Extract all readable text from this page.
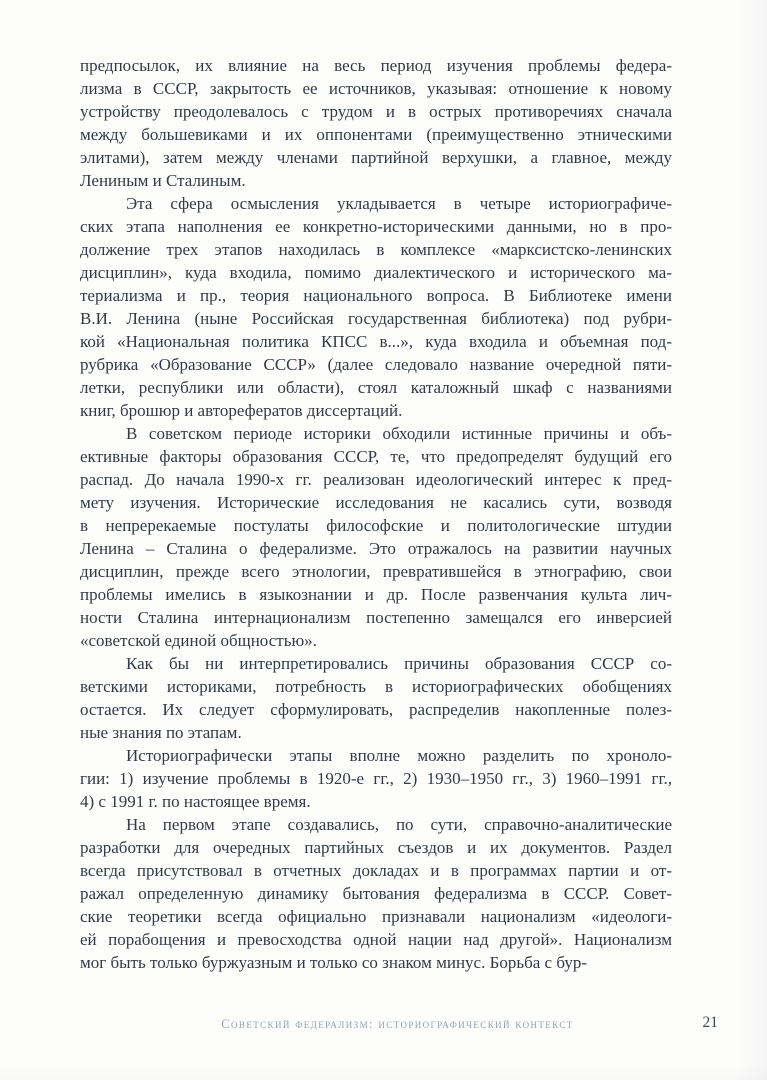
предпосылок, их влияние на весь период изучения проблемы федера-
лизма в СССР, закрытость ее источников, указывая: отношение к новому
устройству преодолевалось с трудом и в острых противоречиях сначала
между большевиками и их оппонентами (преимущественно этническими
элитами), затем между членами партийной верхушки, а главное, между
Лениным и Сталиным.
Эта сфера осмысления укладывается в четыре историографиче-
ских этапа наполнения ее конкретно-историческими данными, но в про-
должение трех этапов находилась в комплексе «марксистско-ленинских
дисциплин», куда входила, помимо диалектического и исторического ма-
териализма и пр., теория национального вопроса. В Библиотеке имени
В.И. Ленина (ныне Российская государственная библиотека) под рубри-
кой «Национальная политика КПСС в...», куда входила и объемная под-
рубрика «Образование СССР» (далее следовало название очередной пяти-
летки, республики или области), стоял каталожный шкаф с названиями
книг, брошюр и авторефератов диссертаций.
В советском периоде историки обходили истинные причины и объ-
ективные факторы образования СССР, те, что предопределят будущий его
распад. До начала 1990-х гг. реализован идеологический интерес к пред-
мету изучения. Исторические исследования не касались сути, возводя
в непререкаемые постулаты философские и политологические штудии
Ленина – Сталина о федерализме. Это отражалось на развитии научных
дисциплин, прежде всего этнологии, превратившейся в этнографию, свои
проблемы имелись в языкознании и др. После развенчания культа лич-
ности Сталина интернационализм постепенно замещался его инверсией
«советской единой общностью».
Как бы ни интерпретировались причины образования СССР со-
ветскими историками, потребность в историографических обобщениях
остается. Их следует сформулировать, распределив накопленные полез-
ные знания по этапам.
Историографически этапы вполне можно разделить по хроноло-
гии: 1) изучение проблемы в 1920-е гг., 2) 1930–1950 гг., 3) 1960–1991 гг.,
4) с 1991 г. по настоящее время.
На первом этапе создавались, по сути, справочно-аналитические
разработки для очередных партийных съездов и их документов. Раздел
всегда присутствовал в отчетных докладах и в программах партии и от-
ражал определенную динамику бытования федерализма в СССР. Совет-
ские теоретики всегда официально признавали национализм «идеологи-
ей порабощения и превосходства одной нации над другой». Национализм
мог быть только буржуазным и только со знаком минус. Борьба с бур-
Советский федерализм: историографический контекст	21
